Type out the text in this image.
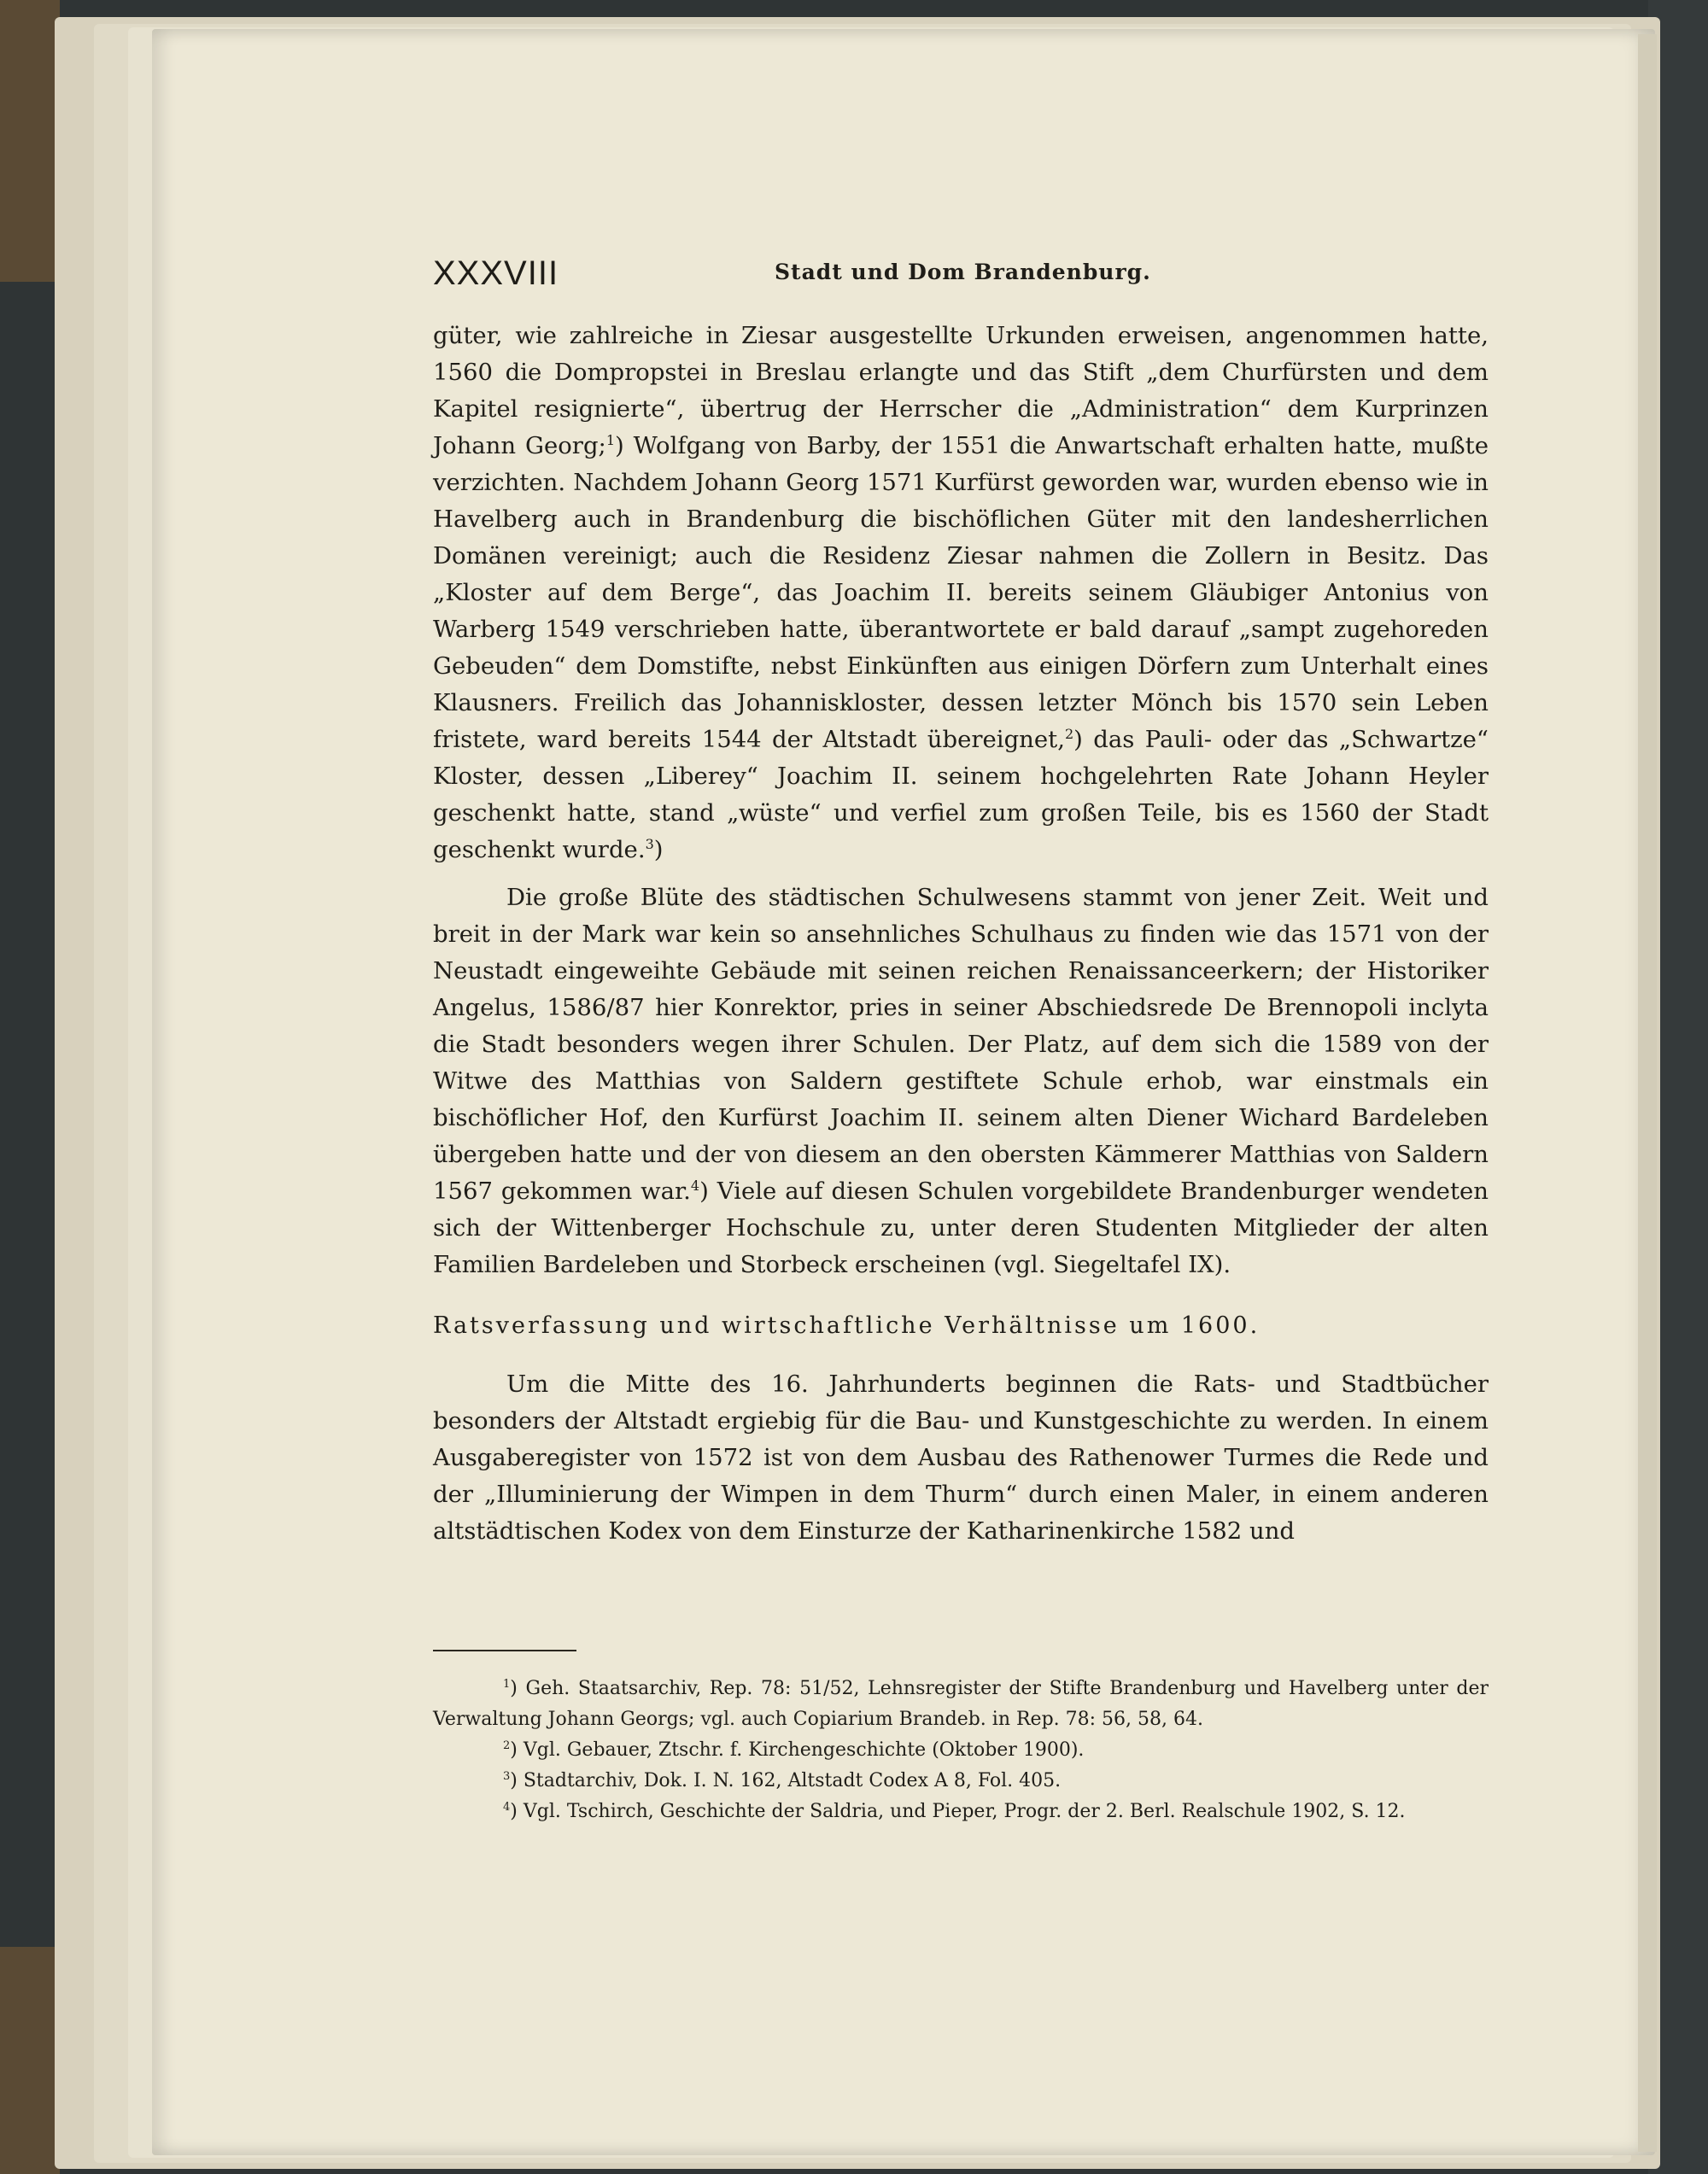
XXXVIII	Stadt und Dom Brandenburg.

güter, wie zahlreiche in Ziesar ausgestellte Urkunden erweisen, angenommen hatte, 1560 die Dompropstei in Breslau erlangte und das Stift „dem Churfürsten und dem Kapitel resignierte“, übertrug der Herrscher die „Administration“ dem Kurprinzen Johann Georg;$^1$) Wolfgang von Barby, der 1551 die Anwartschaft erhalten hatte, mußte verzichten. Nachdem Johann Georg 1571 Kurfürst geworden war, wurden ebenso wie in Havelberg auch in Brandenburg die bischöflichen Güter mit den landesherrlichen Domänen vereinigt; auch die Residenz Ziesar nahmen die Zollern in Besitz. Das „Kloster auf dem Berge“, das Joachim II. bereits seinem Gläubiger Antonius von Warberg 1549 verschrieben hatte, überantwortete er bald darauf „sampt zugehoreden Gebeuden“ dem Domstifte, nebst Einkünften aus einigen Dörfern zum Unterhalt eines Klausners. Freilich das Johanniskloster, dessen letzter Mönch bis 1570 sein Leben fristete, ward bereits 1544 der Altstadt übereignet,$^2$) das Pauli- oder das „Schwartze“ Kloster, dessen „Liberey“ Joachim II. seinem hochgelehrten Rate Johann Heyler geschenkt hatte, stand „wüste“ und verfiel zum großen Teile, bis es 1560 der Stadt geschenkt wurde.$^3$)

Die große Blüte des städtischen Schulwesens stammt von jener Zeit. Weit und breit in der Mark war kein so ansehnliches Schulhaus zu finden wie das 1571 von der Neustadt eingeweihte Gebäude mit seinen reichen Renaissanceerkern; der Historiker Angelus, 1586/87 hier Konrektor, pries in seiner Abschiedsrede De Brennopoli inclyta die Stadt besonders wegen ihrer Schulen. Der Platz, auf dem sich die 1589 von der Witwe des Matthias von Saldern gestiftete Schule erhob, war einstmals ein bischöflicher Hof, den Kurfürst Joachim II. seinem alten Diener Wichard Bardeleben übergeben hatte und der von diesem an den obersten Kämmerer Matthias von Saldern 1567 gekommen war.$^4$) Viele auf diesen Schulen vorgebildete Brandenburger wendeten sich der Wittenberger Hochschule zu, unter deren Studenten Mitglieder der alten Familien Bardeleben und Storbeck erscheinen (vgl. Siegeltafel IX).

Ratsverfassung und wirtschaftliche Verhältnisse um 1600.

Um die Mitte des 16. Jahrhunderts beginnen die Rats- und Stadtbücher besonders der Altstadt ergiebig für die Bau- und Kunstgeschichte zu werden. In einem Ausgaberegister von 1572 ist von dem Ausbau des Rathenower Turmes die Rede und der „Illuminierung der Wimpen in dem Thurm“ durch einen Maler, in einem anderen altstädtischen Kodex von dem Einsturze der Katharinenkirche 1582 und

$^1$) Geh. Staatsarchiv, Rep. 78: 51/52, Lehnsregister der Stifte Brandenburg und Havelberg unter der Verwaltung Johann Georgs; vgl. auch Copiarium Brandeb. in Rep. 78: 56, 58, 64.

$^2$) Vgl. Gebauer, Ztschr. f. Kirchengeschichte (Oktober 1900).

$^3$) Stadtarchiv, Dok. I. N. 162, Altstadt Codex A 8, Fol. 405.

$^4$) Vgl. Tschirch, Geschichte der Saldria, und Pieper, Progr. der 2. Berl. Realschule 1902, S. 12.
